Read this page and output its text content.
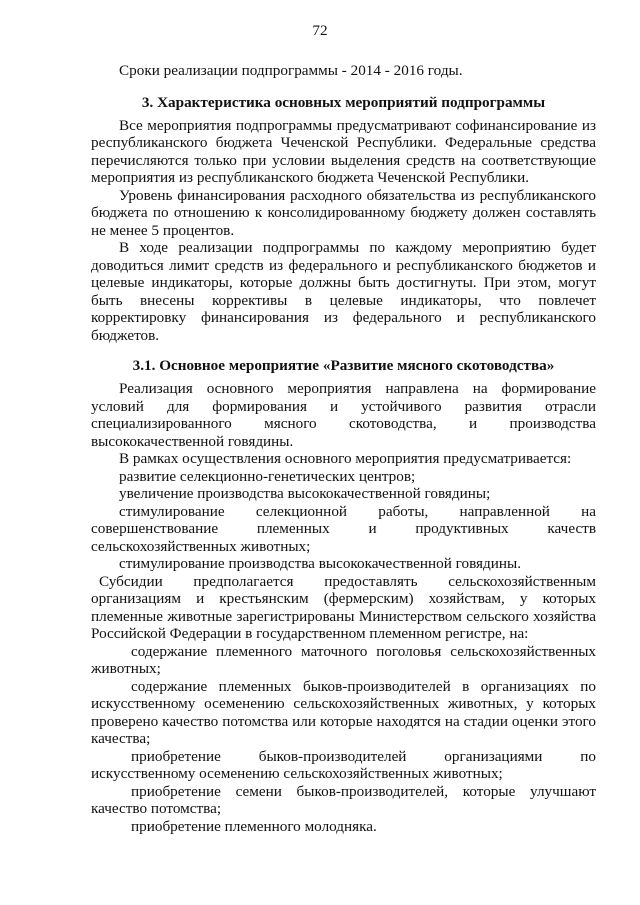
72

Сроки реализации подпрограммы - 2014 - 2016 годы.

3. Характеристика основных мероприятий подпрограммы

Все мероприятия подпрограммы предусматривают софинансирование из республиканского бюджета Чеченской Республики. Федеральные средства перечисляются только при условии выделения средств на соответствующие мероприятия из республиканского бюджета Чеченской Республики.

Уровень финансирования расходного обязательства из республиканского бюджета по отношению к консолидированному бюджету должен составлять не менее 5 процентов.

В ходе реализации подпрограммы по каждому мероприятию будет доводиться лимит средств из федерального и республиканского бюджетов и целевые индикаторы, которые должны быть достигнуты. При этом, могут быть внесены коррективы в целевые индикаторы, что повлечет корректировку финансирования из федерального и республиканского бюджетов.

3.1. Основное мероприятие «Развитие мясного скотоводства»

Реализация основного мероприятия направлена на формирование условий для формирования и устойчивого развития отрасли специализированного мясного скотоводства, и производства высококачественной говядины.

В рамках осуществления основного мероприятия предусматривается:

развитие селекционно-генетических центров;

увеличение производства высококачественной говядины;

стимулирование селекционной работы, направленной на совершенствование племенных и продуктивных качеств сельскохозяйственных животных;

стимулирование производства высококачественной говядины.

Субсидии предполагается предоставлять сельскохозяйственным организациям и крестьянским (фермерским) хозяйствам, у которых племенные животные зарегистрированы Министерством сельского хозяйства Российской Федерации в государственном племенном регистре, на:

содержание племенного маточного поголовья сельскохозяйственных животных;

содержание племенных быков-производителей в организациях по искусственному осеменению сельскохозяйственных животных, у которых проверено качество потомства или которые находятся на стадии оценки этого качества;

приобретение быков-производителей организациями по искусственному осеменению сельскохозяйственных животных;

приобретение семени быков-производителей, которые улучшают качество потомства;

приобретение племенного молодняка.
